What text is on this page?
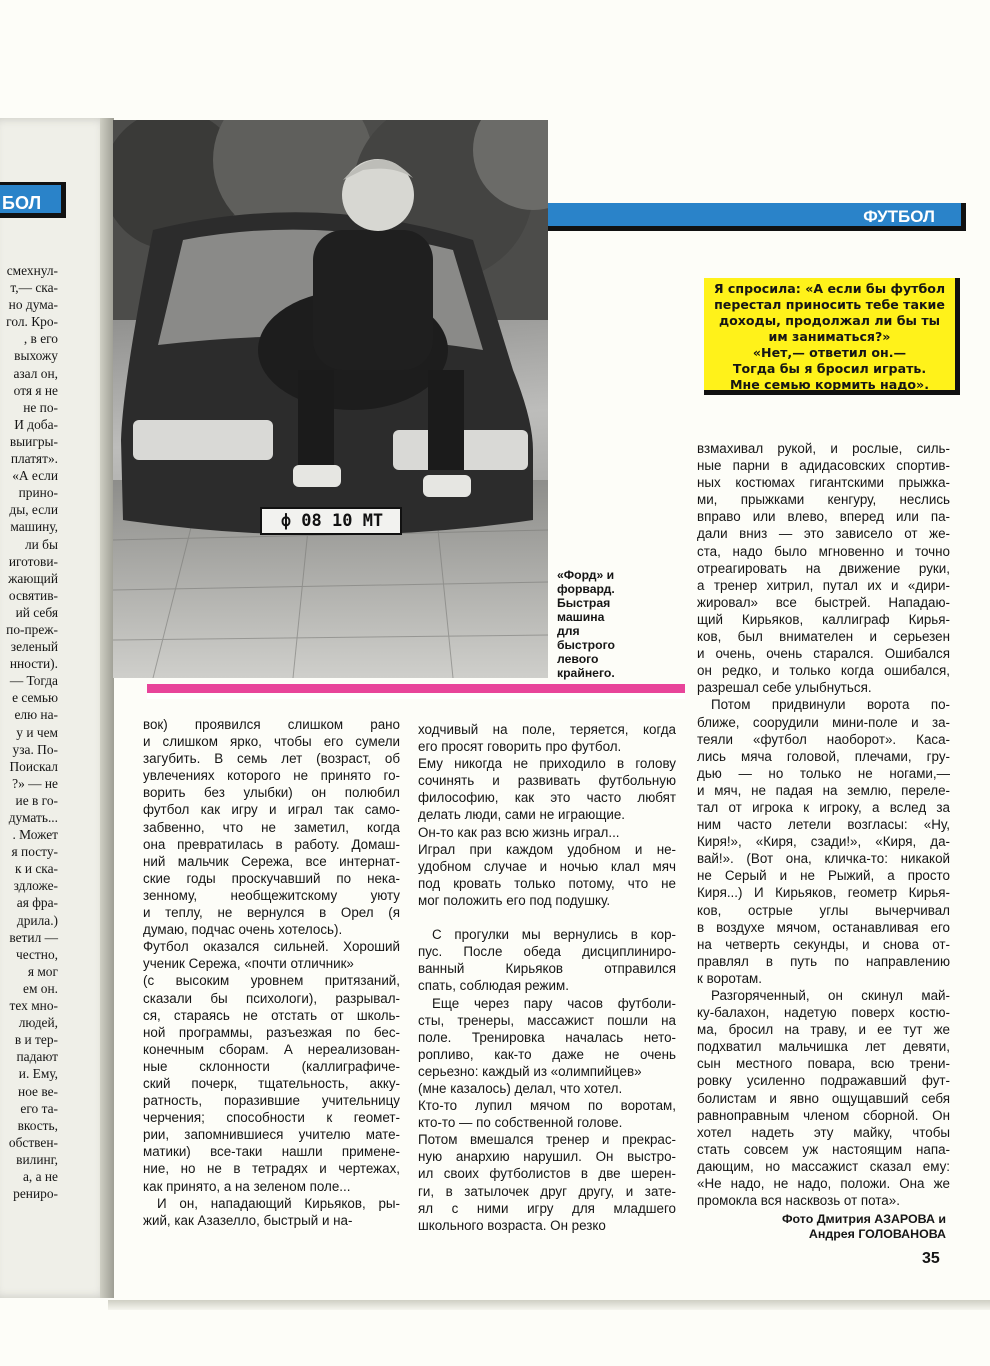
БОЛ
смехнул-
т,— ска-
но дума-
гол. Кро-
, в его
выхожу
азал он,
отя я не
не по-
И доба-
выигры-
платят».
«А если
прино-
ды, если
машину,
ли бы
иготови-
жающий
освятив-
ий себя
по-преж-
зеленый
нности).
— Тогда
е семью
елю на-
у и чем
уза. По-
Поискал
?» — не
ие в го-
думать...
. Может
я посту-
к и ска-
здложе-
ая фра-
дрила.)
ветил —
честно,
я мог
ем он.
тех мно-
людей,
в и тер-
падают
и. Ему,
ное ве-
его та-
вкость,
обствен-
вилинг,
а, а не
рениро-
ф 08 10 МТ
ФУТБОЛ
Я спросила: «А если бы футбол
перестал приносить тебе такие
доходы, продолжал ли бы ты
им заниматься?»
«Нет,— ответил он.—
Тогда бы я бросил играть.
Мне семью кормить надо».
«Форд» и
форвард.
Быстрая
машина
для
быстрого
левого
крайнего.
вок) проявился слишком рано
и слишком ярко, чтобы его сумели
загубить. В семь лет (возраст, об
увлечениях которого не принято го-
ворить без улыбки) он полюбил
футбол как игру и играл так само-
забвенно, что не заметил, когда
она превратилась в работу. Домаш-
ний мальчик Сережа, все интернат-
ские годы проскучавший по нека-
зенному, необщежитскому уюту
и теплу, не вернулся в Орел (я
думаю, подчас очень хотелось).
Футбол оказался сильней. Хороший
ученик Сережа, «почти отличник»
(с высоким уровнем притязаний,
сказали бы психологи), разрывал-
ся, стараясь не отстать от школь-
ной программы, разъезжая по бес-
конечным сборам. А нереализован-
ные склонности (каллиграфиче-
ский почерк, тщательность, акку-
ратность, поразившие учительницу
черчения; способности к геомет-
рии, запомнившиеся учителю мате-
матики) все-таки нашли примене-
ние, но не в тетрадях и чертежах,
как принято, а на зеленом поле...
И он, нападающий Кирьяков, ры-
жий, как Азазелло, быстрый и на-
ходчивый на поле, теряется, когда
его просят говорить про футбол.
Ему никогда не приходило в голову
сочинять и развивать футбольную
философию, как это часто любят
делать люди, сами не играющие.
Он-то как раз всю жизнь играл...
Играл при каждом удобном и не-
удобном случае и ночью клал мяч
под кровать только потому, что не
мог положить его под подушку.
С прогулки мы вернулись в кор-
пус. После обеда дисциплиниро-
ванный Кирьяков отправился
спать, соблюдая режим.
Еще через пару часов футболи-
сты, тренеры, массажист пошли на
поле. Тренировка началась нето-
ропливо, как-то даже не очень
серьезно: каждый из «олимпийцев»
(мне казалось) делал, что хотел.
Кто-то лупил мячом по воротам,
кто-то — по собственной голове.
Потом вмешался тренер и прекрас-
ную анархию нарушил. Он выстро-
ил своих футболистов в две шерен-
ги, в затылочек друг другу, и зате-
ял с ними игру для младшего
школьного возраста. Он резко
взмахивал рукой, и рослые, силь-
ные парни в адидасовских спортив-
ных костюмах гигантскими прыжка-
ми, прыжками кенгуру, неслись
вправо или влево, вперед или па-
дали вниз — это зависело от же-
ста, надо было мгновенно и точно
отреагировать на движение руки,
а тренер хитрил, путал их и «дири-
жировал» все быстрей. Нападаю-
щий Кирьяков, каллиграф Кирья-
ков, был внимателен и серьезен
и очень, очень старался. Ошибался
он редко, и только когда ошибался,
разрешал себе улыбнуться.
Потом придвинули ворота по-
ближе, соорудили мини-поле и за-
теяли «футбол наоборот». Каса-
лись мяча головой, плечами, гру-
дью — но только не ногами,—
и мяч, не падая на землю, переле-
тал от игрока к игроку, а вслед за
ним часто летели возгласы: «Ну,
Киря!», «Киря, сзади!», «Киря, да-
вай!». (Вот она, кличка-то: никакой
не Серый и не Рыжий, а просто
Киря...) И Кирьяков, геометр Кирья-
ков, острые углы вычерчивал
в воздухе мячом, останавливая его
на четверть секунды, и снова от-
правлял в путь по направлению
к воротам.
Разгоряченный, он скинул май-
ку-балахон, надетую поверх костю-
ма, бросил на траву, и ее тут же
подхватил мальчишка лет девяти,
сын местного повара, всю трени-
ровку усиленно подражавший фут-
болистам и явно ощущавший себя
равноправным членом сборной. Он
хотел надеть эту майку, чтобы
стать совсем уж настоящим напа-
дающим, но массажист сказал ему:
«Не надо, не надо, положи. Она же
промокла вся насквозь от пота».
Фото Дмитрия АЗАРОВА и
Андрея ГОЛОВАНОВА
35
